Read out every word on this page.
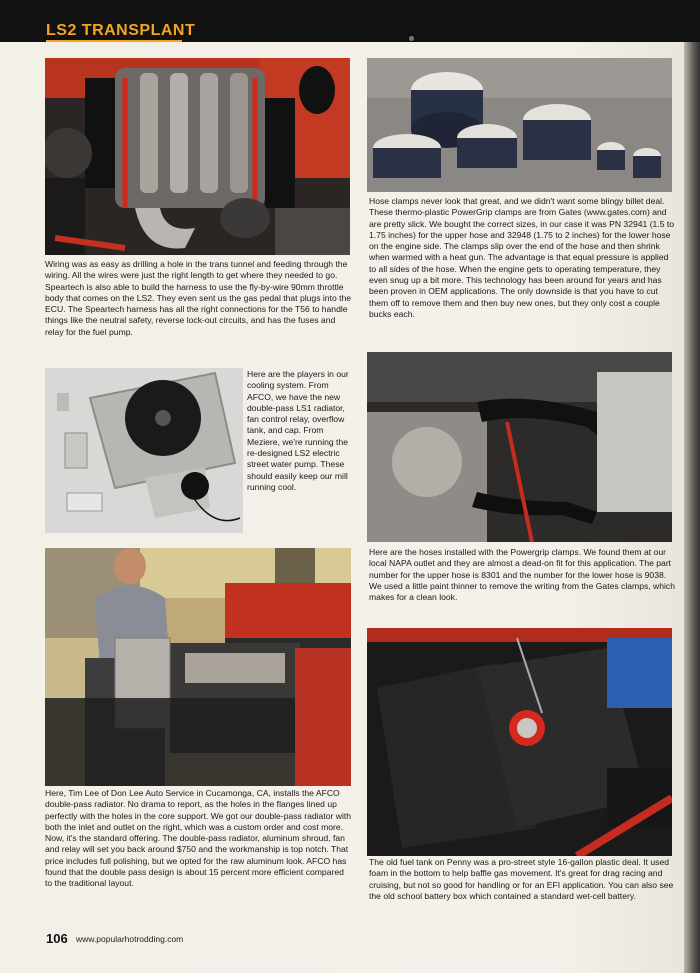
LS2 TRANSPLANT

Wiring was as easy as drilling a hole in the trans tunnel and feeding through the wiring. All the wires were just the right length to get where they needed to go. Speartech is also able to build the harness to use the fly-by-wire 90mm throttle body that comes on the LS2. They even sent us the gas pedal that plugs into the ECU. The Speartech harness has all the right connections for the T56 to handle things like the neutral safety, reverse lock-out circuits, and has the fuses and relay for the fuel pump.

Here are the players in our cooling system. From AFCO, we have the new double-pass LS1 radiator, fan control relay, overflow tank, and cap. From Meziere, we're running the re-designed LS2 electric street water pump. These should easily keep our mill running cool.

Here, Tim Lee of Don Lee Auto Service in Cucamonga, CA, installs the AFCO double-pass radiator. No drama to report, as the holes in the flanges lined up perfectly with the holes in the core support. We got our double-pass radiator with both the inlet and outlet on the right, which was a custom order and cost more. Now, it's the standard offering. The double-pass radiator, aluminum shroud, fan and relay will set you back around $750 and the workmanship is top notch. That price includes full polishing, but we opted for the raw aluminum look. AFCO has found that the double pass design is about 15 percent more efficient compared to the traditional layout.

Hose clamps never look that great, and we didn't want some blingy billet deal. These thermo-plastic PowerGrip clamps are from Gates (www.gates.com) and are pretty slick. We bought the correct sizes, in our case it was PN 32941 (1.5 to 1.75 inches) for the upper hose and 32948 (1.75 to 2 inches) for the lower hose on the engine side. The clamps slip over the end of the hose and then shrink when warmed with a heat gun. The advantage is that equal pressure is applied to all sides of the hose. When the engine gets to operating temperature, they even snug up a bit more. This technology has been around for years and has been proven in OEM applications. The only downside is that you have to cut them off to remove them and then buy new ones, but they only cost a couple bucks each.

Here are the hoses installed with the Powergrip clamps. We found them at our local NAPA outlet and they are almost a dead-on fit for this application. The part number for the upper hose is 8301 and the number for the lower hose is 9038. We used a little paint thinner to remove the writing from the Gates clamps, which makes for a clean look.

The old fuel tank on Penny was a pro-street style 16-gallon plastic deal. It used foam in the bottom to help baffle gas movement. It's great for drag racing and cruising, but not so good for handling or for an EFI application. You can also see the old school battery box which contained a standard wet-cell battery.

106 www.popularhotrodding.com
